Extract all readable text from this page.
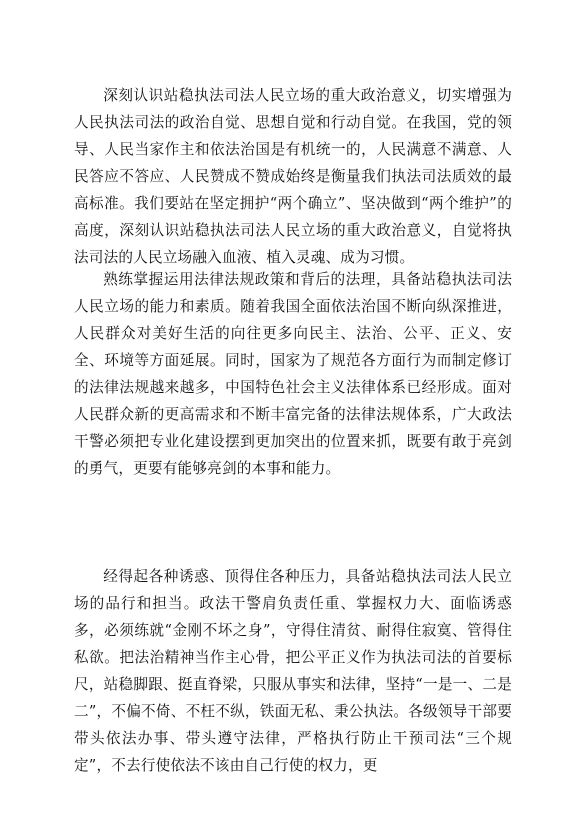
深刻认识站稳执法司法人民立场的重大政治意义，切实增强为人民执法司法的政治自觉、思想自觉和行动自觉。在我国，党的领导、人民当家作主和依法治国是有机统一的，人民满意不满意、人民答应不答应、人民赞成不赞成始终是衡量我们执法司法质效的最高标准。我们要站在坚定拥护“两个确立”、坚决做到“两个维护”的高度，深刻认识站稳执法司法人民立场的重大政治意义，自觉将执法司法的人民立场融入血液、植入灵魂、成为习惯。

熟练掌握运用法律法规政策和背后的法理，具备站稳执法司法人民立场的能力和素质。随着我国全面依法治国不断向纵深推进，人民群众对美好生活的向往更多向民主、法治、公平、正义、安全、环境等方面延展。同时，国家为了规范各方面行为而制定修订的法律法规越来越多，中国特色社会主义法律体系已经形成。面对人民群众新的更高需求和不断丰富完备的法律法规体系，广大政法干警必须把专业化建设摆到更加突出的位置来抓，既要有敢于亮剑的勇气，更要有能够亮剑的本事和能力。

经得起各种诱惑、顶得住各种压力，具备站稳执法司法人民立场的品行和担当。政法干警肩负责任重、掌握权力大、面临诱惑多，必须练就“金刚不坏之身”，守得住清贫、耐得住寂寞、管得住私欲。把法治精神当作主心骨，把公平正义作为执法司法的首要标尺，站稳脚跟、挺直脊梁，只服从事实和法律，坚持“一是一、二是二”，不偏不倚、不枉不纵，铁面无私、秉公执法。各级领导干部要带头依法办事、带头遵守法律，严格执行防止干预司法“三个规定”，不去行使依法不该由自己行使的权力，更
